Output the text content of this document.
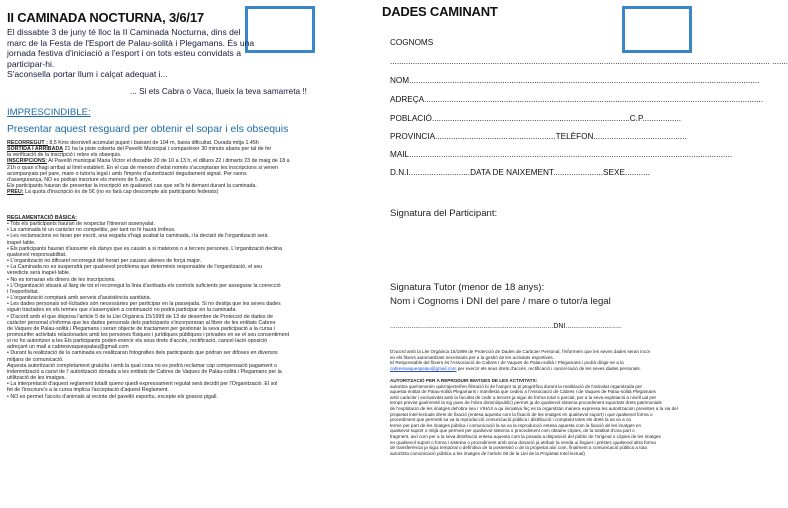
II CAMINADA NOCTURNA, 3/6/17

El dissabte 3 de juny té lloc la II Caminada Nocturna, dins del

marc de la Festa de l'Esport de Palau-solità i Plegamans. És una

jornada festiva d'iniciació a l'esport i on tots esteu convidats a

participar-hi.

S'aconsella portar llum i calçat adequat i...

... Si ets Cabra o Vaca, llueix la teva samarreta !!
IMPRESCINDIBLE:
Presentar aquest resguard per obtenir el sopar i els obsequis

RECORREGUT : 8,5 Kms desnivell acumulat pujant i baixant de 104 m, baixa dificultat. Durada mitja 1.45h

SORTIDA I ARRIBADA 21 ha la piste coberta del Pavelló Municipal i comparèixer 30 minuts abans per tal de fer

la verificació de la inscripció i rebre els obsequis.

INSCRIPCIONS: Al Pavelló municipal Maria Victor el dissabte 20 de 10 a 13 h, el dilluns 22 i dimarts 23 de maig de 18 a

21h o quan s'hagi arribat al límit establert. En el cas de menors d'edat només s'acceptaran les inscripcions si venen

acompanyats pel pare, mare o tutor/a legal i amb l'imprès d'autorització degudament signat. Per raons

d'assegurança, NO es podran inscriure els menors de 5 anys.

Els participants hauran de presentar la inscripció en qualsevol cas que se'ls hi demani durant la caminada.

PREU: La quota d'inscripció és de 5€ (no es farà cap descompte als participants federats)

REGLAMENTACIÓ BÀSICA:

• Tots els participants hauran de respectar l'itinerari assenyalat.

• La caminada té un caràcter no competitiu, per tant no hi haurà trofeus.

• Les reclamacions es faran per escrit, una vegada s'hagi acabat la caminada, i la decisió de l'organització serà

inapel·lable.

• Els participants hauran d'assumir els danys que es causin a si mateixos o a tercers persones. L'organització declina

qualsevol responsabilitat.

• L'organització no dificarel recorregut del horari per causes alienes de força major.

• La Caminada no es suspendrà per qualsevol problema que determinis responsable de l'organització, el seu

veredicte serà inapel·lable.

• No es tornaran els diners de les inscripcions.

• L'Organització situarà al llarg de tot el recorregut la línia d'arribada els controls suficients per assegurar la correcció

i l'esportivitat.

• L'organització comptarà amb serveis d'assistència sanitària.

• Les dades personals sol·licitades són necessàries per participar en la passejada. Si no desitja que les seves dades

siguin tractades en els termes que s'assenyalen a continuació no podrà participar en la caminada.

• D'acord amb el que disposa l'article 5 de la Llei Orgànica 15/1999 de 13 de desembre de Protecció de dades de

caràcter personal s'informa que les dades personals dels participants s'incorporaran al fitxer de les entitats Cabres

de Vaques de Palau-solità i Plegamans i seran objecte de tractament per gestionar la seva participació a la cursa i

promourifer activitats relacionades amb les persones físiques i jurídiques públiques i privades en se el seu consentiment

si no ho autoritzen a les Els participants poden exercir els seus drets d'accés, rectificació, cancel·lació oposició

adreçant un mail a cabresivaquespalau@gmail.com

• Durant la realització de la caminada es realitzaran fotografies dels participants que podran ser difoses en diversos

mitjans de comunicació.

Aquesta autorització completament gratuïta i amb la qual cosa no es podrà reclamar cap compensació pagament o

indemnització a canvi de l' autorització donada a les entitats de Cabres de Vaques de Palau-solità i Plegamans per la

utilització de les imatges.

• La interpretació d'aquest reglament totallt queno quedi expressament regulat serà decidit per l'Organització. El sol

fet de l'inscriure's a la cursa implica l'acceptació d'aquest Reglament.

• NO es permet l'accés d'animals al recinte del pavelló esportiu, excepte els gossos pigall.

DADES CAMINANT
COGNOMS
....................................................................................................................................................................... .......
NOM..........................................................................................................................................................
ADREÇA.....................................................................................................................................................
POBLACIÓ.......................................................................................C.P.................
PROVINCIA.....................................................TELÈFON.........................................
MAIL..............................................................................................................................................
D.N.I...........................DATA DE NAIXEMENT......................SEXE...........
Signatura del Participant:
Signatura Tutor (menor de 18 anys):
Nom i Cognoms i DNI del pare / mare o tutor/a legal
....................................................................................DNI.............................

D'acord amb la Llei Orgànica 15/1999 de Protecció de Dades de Caràcter Personal, l'informem que les seves dades seran incor

en els fitxers automatitzats necessaris per a la gestió de les activitats esportives.

El Responsable del fitxers és l'Associació de Cabres I de Vaques de Palau-solità I Plegamans i podrà dirigir-se a la

cabresivaquespalau@gmail.com per exercir els seus drets d'accés, rectificació i cancel·lació de les seves dades personals.

AUTORITZACIÓ PER A REPRODUIR IMATGES DE LES ACTIVITATS:

autoritza quel'amonim quits'ajecteil'en filmació bi de l'ampor ta pi ptogrèfica durant la realització de l'activitat organitzada per

aquesta entitat de Palau-solità Plegamans i manifesta que cedeix a l'Associació de Cabres I de Vaques de Palau-solità Plegamans

amb caràcter i exclusivitat amb la facultat de cedir a tercers ja sigui de forma total o parcial, per a la seva explotació a nivell ual per

temps previst gaulmenté la sig pues de l'obra dominiòpublic) permet ja de qualsevol sistema procediment suportats drets patrimonials

de l'explotació de les imatges del'obra seu i VIH/U/ a qu iniciativa feç es ta organitzán manera expressa les autoritzacion previstes a la via del

propietat intel·lectuals drets de fixació (entesa aquesta com la fixació de les imatges en qualsevol suport) i que qualsevol forma o

procediment que permetti sa va la reproducció comunicació pública i distribució i comptant totes els drets la sa va a ca

terme per part de les imatges pública i comunicació la sa va la reproducció entesa aquesta com la fixació de les imatges en

qualsevol suport o mitjà que permeti per qualsevol sistema o procediment com obtaine còpies, de la totalitat d'una part o

fragment, així com per a la seva distribució entesa aquesta com la posada a disposició del públic de l'original o còpies de les imatges

en qualsevol suport o forma i sistema o procediment amb arna donació ja atribuir la venda ui lloguer i préstec qualsevol altra forma

de transferència ja sigui temporal o definitiva de la possessió o de la propietat així com, finalment a comunicació pública a tota

autoritzta comunicació pública a les imatges de l'article 08 de la Llei de la Propietat Intel·lectual)
